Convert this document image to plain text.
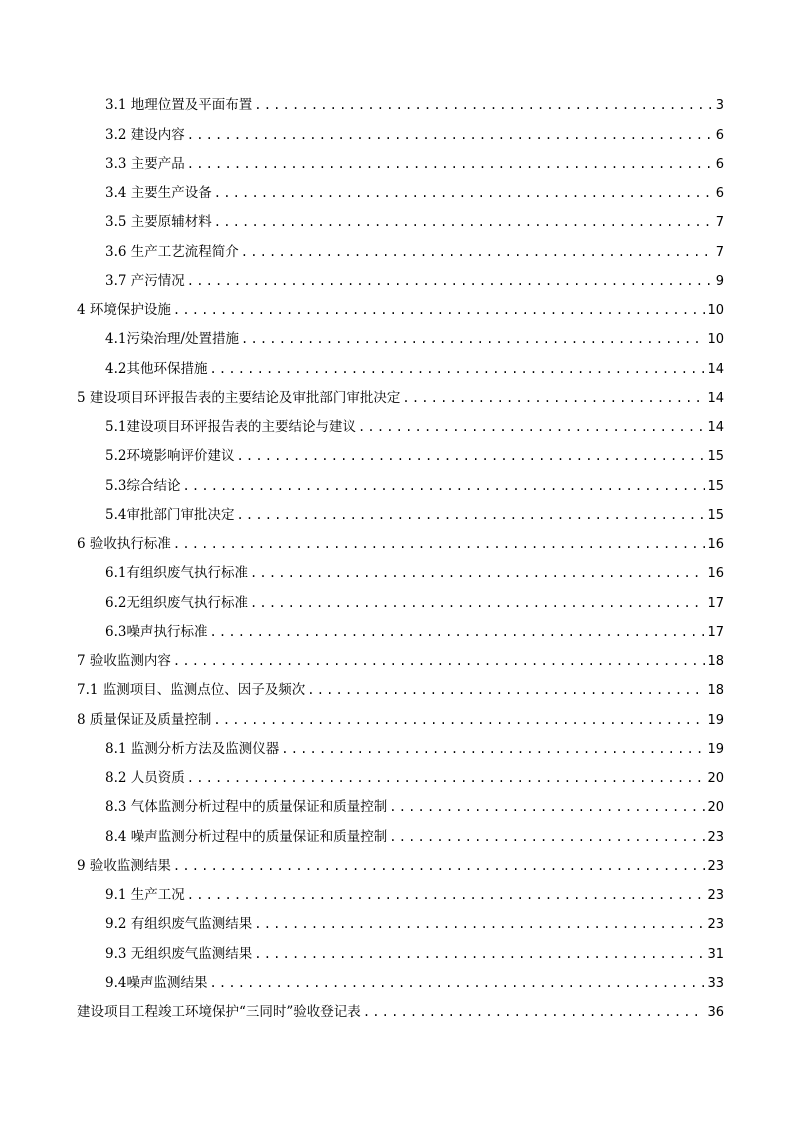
3.1 地理位置及平面布置 .....	3
3.2 建设内容 .....	6
3.3 主要产品 .....	6
3.4 主要生产设备 .....	6
3.5 主要原辅材料 .....	7
3.6 生产工艺流程简介 .....	7
3.7 产污情况 .....	9
4 环境保护设施 .....	10
4.1污染治理/处置措施 .....	10
4.2其他环保措施 .....	14
5 建设项目环评报告表的主要结论及审批部门审批决定 .....	14
5.1建设项目环评报告表的主要结论与建议 .....	14
5.2环境影响评价建议 .....	15
5.3综合结论 .....	15
5.4审批部门审批决定 .....	15
6 验收执行标准 .....	16
6.1有组织废气执行标准 .....	16
6.2无组织废气执行标准 .....	17
6.3噪声执行标准 .....	17
7 验收监测内容 .....	18
7.1 监测项目、监测点位、因子及频次 .....	18
8 质量保证及质量控制 .....	19
8.1 监测分析方法及监测仪器 .....	19
8.2 人员资质 .....	20
8.3 气体监测分析过程中的质量保证和质量控制 .....	20
8.4 噪声监测分析过程中的质量保证和质量控制 .....	23
9 验收监测结果 .....	23
9.1 生产工况 .....	23
9.2 有组织废气监测结果 .....	23
9.3 无组织废气监测结果 .....	31
9.4噪声监测结果 .....	33
建设项目工程竣工环境保护“三同时”验收登记表 .....	36
